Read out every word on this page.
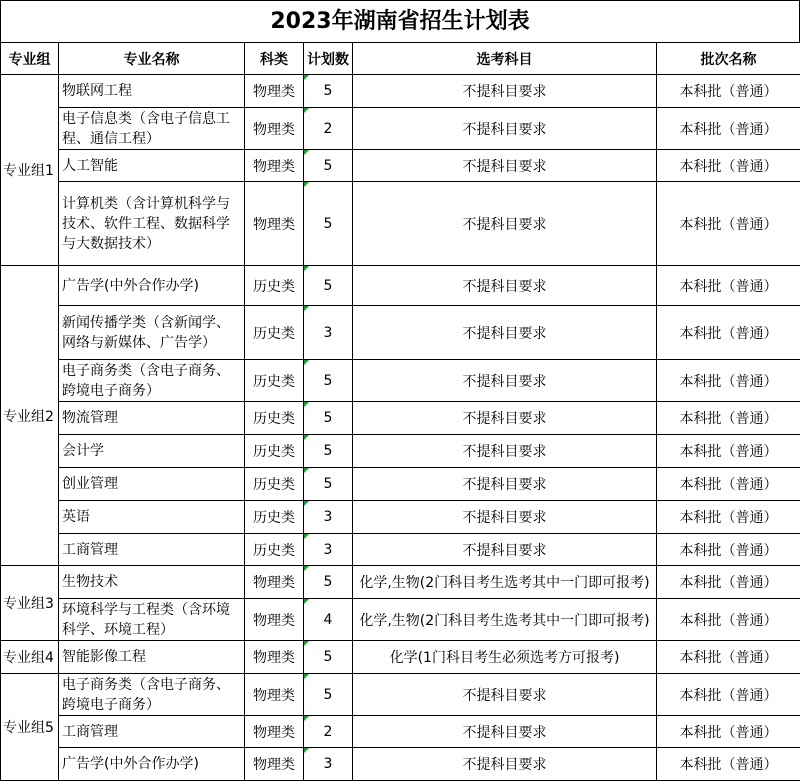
2023年湖南省招生计划表
专业组	专业名称	科类	计划数	选考科目	批次名称
专业组1	物联网工程	物理类	5	不提科目要求	本科批（普通）
	电子信息类（含电子信息工程、通信工程）	物理类	2	不提科目要求	本科批（普通）
	人工智能	物理类	5	不提科目要求	本科批（普通）
	计算机类（含计算机科学与技术、软件工程、数据科学与大数据技术）	物理类	5	不提科目要求	本科批（普通）
专业组2	广告学(中外合作办学)	历史类	5	不提科目要求	本科批（普通）
	新闻传播学类（含新闻学、网络与新媒体、广告学）	历史类	3	不提科目要求	本科批（普通）
	电子商务类（含电子商务、跨境电子商务）	历史类	5	不提科目要求	本科批（普通）
	物流管理	历史类	5	不提科目要求	本科批（普通）
	会计学	历史类	5	不提科目要求	本科批（普通）
	创业管理	历史类	5	不提科目要求	本科批（普通）
	英语	历史类	3	不提科目要求	本科批（普通）
	工商管理	历史类	3	不提科目要求	本科批（普通）
专业组3	生物技术	物理类	5	化学,生物(2门科目考生选考其中一门即可报考)	本科批（普通）
	环境科学与工程类（含环境科学、环境工程）	物理类	4	化学,生物(2门科目考生选考其中一门即可报考)	本科批（普通）
专业组4	智能影像工程	物理类	5	化学(1门科目考生必须选考方可报考)	本科批（普通）
专业组5	电子商务类（含电子商务、跨境电子商务）	物理类	5	不提科目要求	本科批（普通）
	工商管理	物理类	2	不提科目要求	本科批（普通）
	广告学(中外合作办学)	物理类	3	不提科目要求	本科批（普通）
